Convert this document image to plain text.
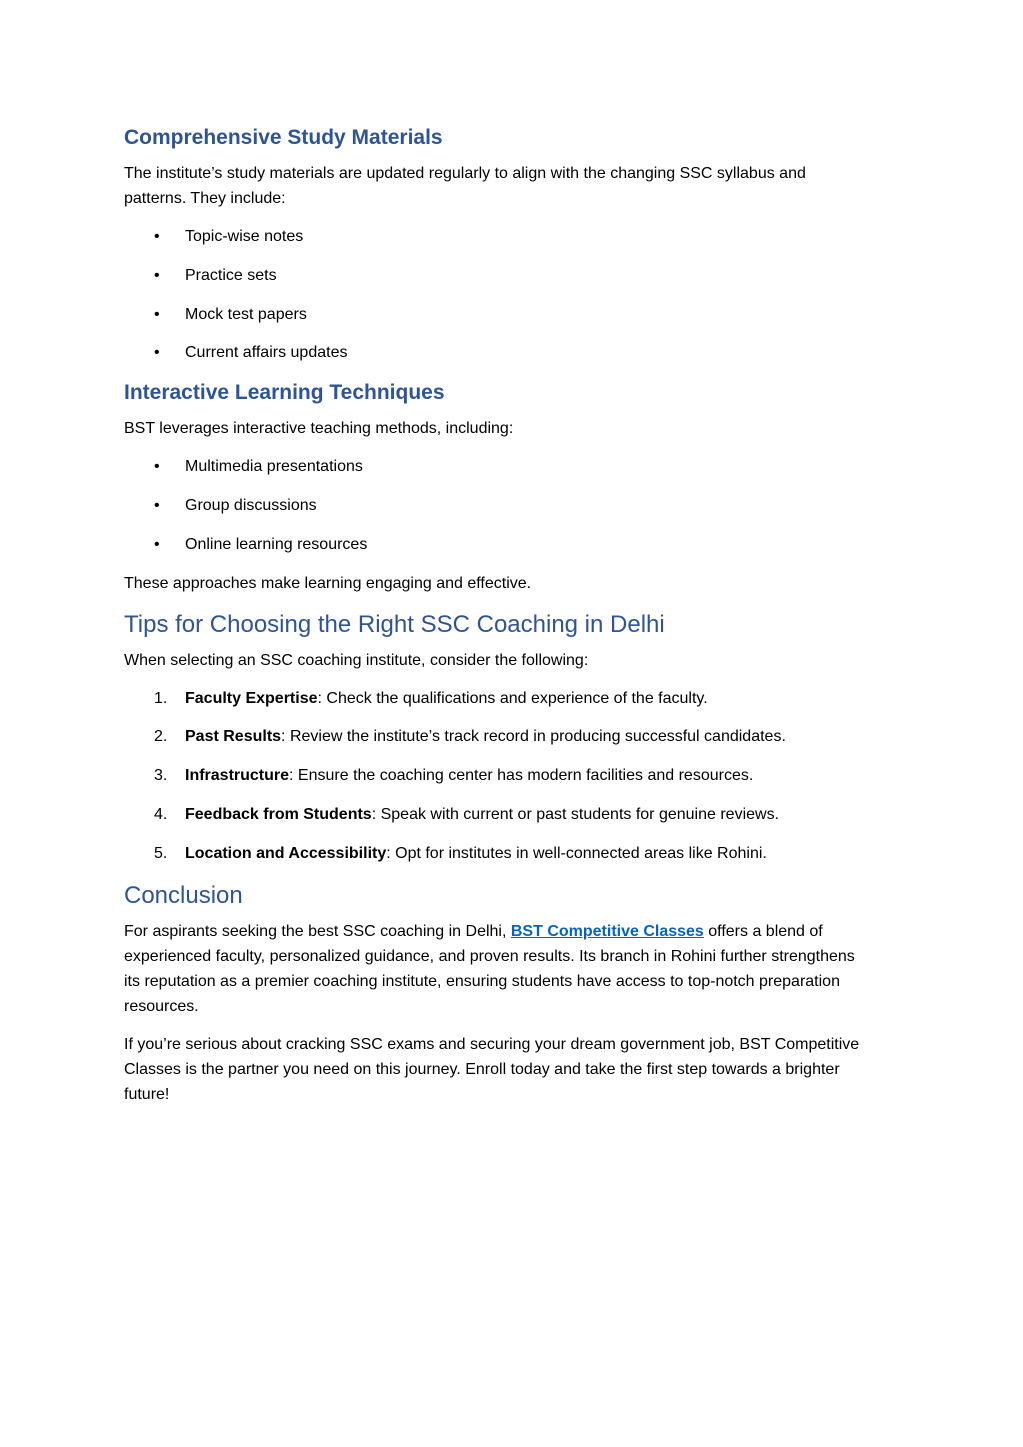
Comprehensive Study Materials

The institute’s study materials are updated regularly to align with the changing SSC syllabus and patterns. They include:

• Topic-wise notes
• Practice sets
• Mock test papers
• Current affairs updates
Interactive Learning Techniques

BST leverages interactive teaching methods, including:

• Multimedia presentations
• Group discussions
• Online learning resources

These approaches make learning engaging and effective.

Tips for Choosing the Right SSC Coaching in Delhi

When selecting an SSC coaching institute, consider the following:

1. Faculty Expertise: Check the qualifications and experience of the faculty.
2. Past Results: Review the institute’s track record in producing successful candidates.
3. Infrastructure: Ensure the coaching center has modern facilities and resources.
4. Feedback from Students: Speak with current or past students for genuine reviews.
5. Location and Accessibility: Opt for institutes in well-connected areas like Rohini.
Conclusion

For aspirants seeking the best SSC coaching in Delhi, BST Competitive Classes offers a blend of experienced faculty, personalized guidance, and proven results. Its branch in Rohini further strengthens its reputation as a premier coaching institute, ensuring students have access to top-notch preparation resources.

If you’re serious about cracking SSC exams and securing your dream government job, BST Competitive Classes is the partner you need on this journey. Enroll today and take the first step towards a brighter future!
